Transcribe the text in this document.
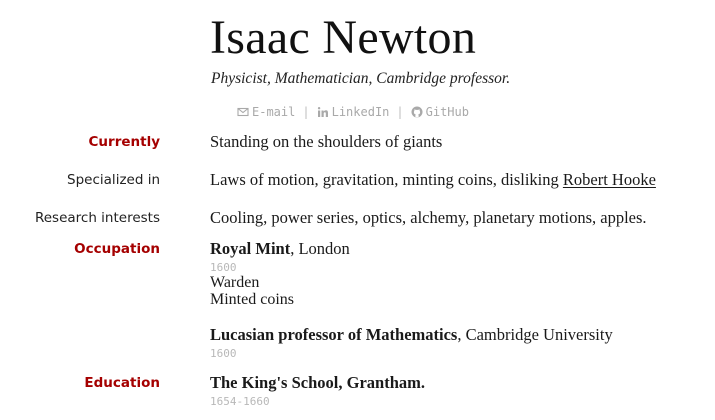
Isaac Newton
Physicist, Mathematician, Cambridge professor.
E-mail | LinkedIn | GitHub
Currently	Standing on the shoulders of giants
Specialized in	Laws of motion, gravitation, minting coins, disliking Robert Hooke
Research interests	Cooling, power series, optics, alchemy, planetary motions, apples.
Occupation	Royal Mint, London
1600
Warden
Minted coins
Lucasian professor of Mathematics, Cambridge University
1600
Education	The King's School, Grantham.
1654-1660
